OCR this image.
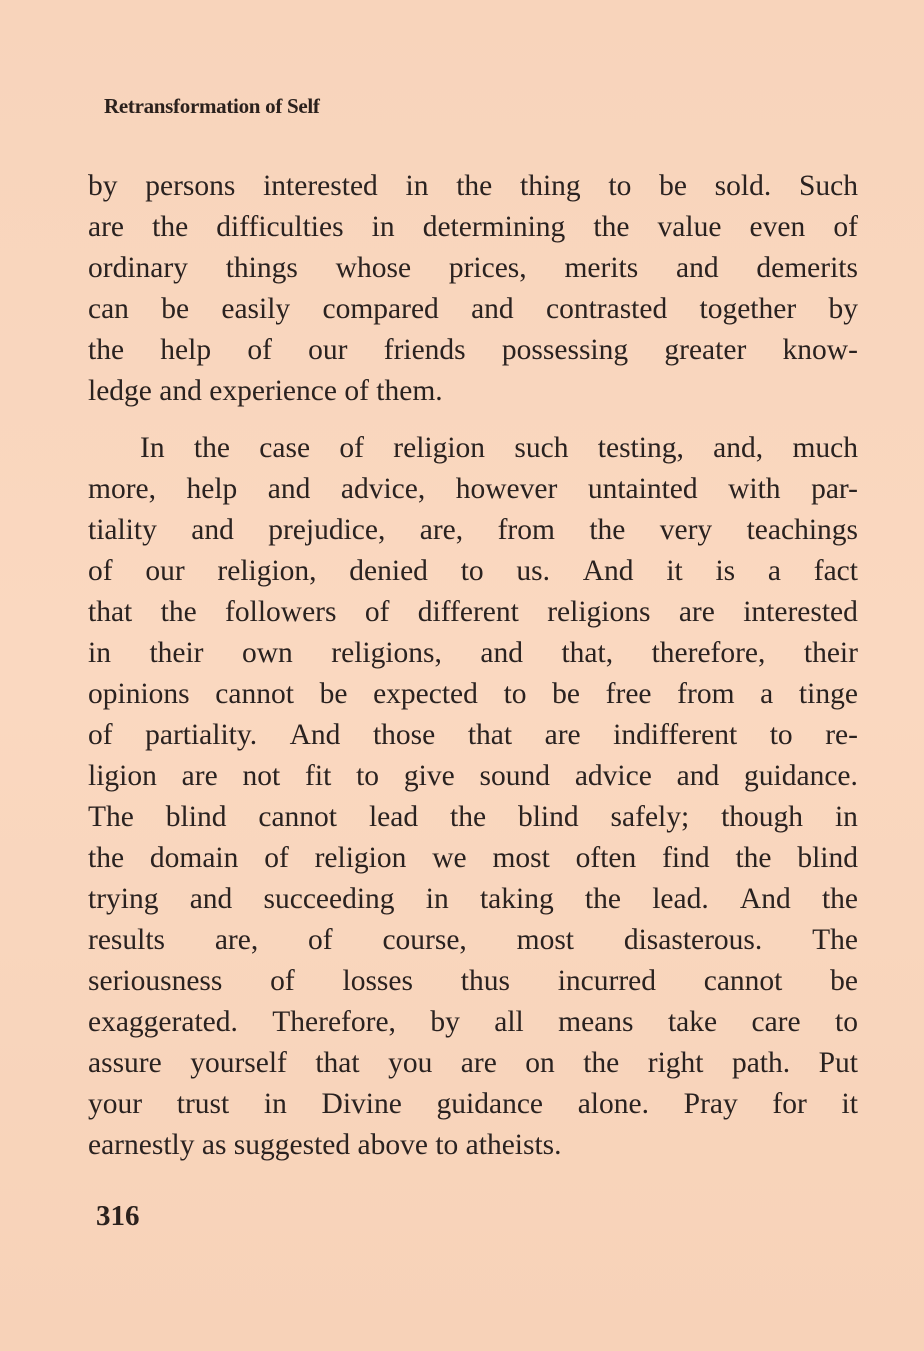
Retransformation of Self
by persons interested in the thing to be sold. Such
are the difficulties in determining the value even of
ordinary things whose prices, merits and demerits
can be easily compared and contrasted together by
the help of our friends possessing greater know-
ledge and experience of them.
In the case of religion such testing, and, much
more, help and advice, however untainted with par-
tiality and prejudice, are, from the very teachings
of our religion, denied to us. And it is a fact
that the followers of different religions are interested
in their own religions, and that, therefore, their
opinions cannot be expected to be free from a tinge
of partiality. And those that are indifferent to re-
ligion are not fit to give sound advice and guidance.
The blind cannot lead the blind safely; though in
the domain of religion we most often find the blind
trying and succeeding in taking the lead. And the
results are, of course, most disasterous. The
seriousness of losses thus incurred cannot be
exaggerated. Therefore, by all means take care to
assure yourself that you are on the right path. Put
your trust in Divine guidance alone. Pray for it
earnestly as suggested above to atheists.
316
